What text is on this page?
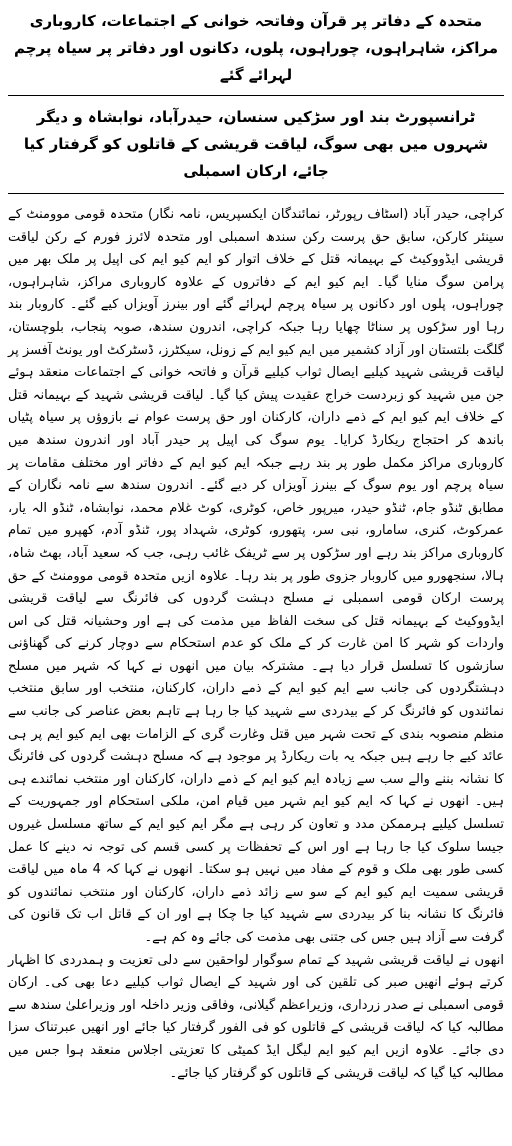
متحدہ کے دفاتر پر قرآن وفاتحہ خوانی کے اجتماعات، کاروباری مراکز، شاہراہوں، چوراہوں، پلوں، دکانوں اور دفاتر پر سیاہ پرچم لہرائے گئے
ٹرانسپورٹ بند اور سڑکیں سنسان، حیدرآباد، نوابشاہ و دیگر شہروں میں بھی سوگ، لیاقت قریشی کے قاتلوں کو گرفتار کیا جائے، ارکان اسمبلی

کراچی، حیدر آباد (اسٹاف رپورٹر، نمائندگان ایکسپریس، نامہ نگار) متحدہ قومی موومنٹ کے سینئر کارکن، سابق حق پرست رکن سندھ اسمبلی اور متحدہ لائرز فورم کے رکن لیاقت قریشی ایڈووکیٹ کے بہیمانہ قتل کے خلاف اتوار کو ایم کیو ایم کی اپیل پر ملک بھر میں پرامن سوگ منایا گیا۔ ایم کیو ایم کے دفاتروں کے علاوہ کاروباری مراکز، شاہراہوں، چوراہوں، پلوں اور دکانوں پر سیاہ پرچم لہرائے گئے اور بینرز آویزاں کیے گئے۔ کاروبار بند رہا اور سڑکوں پر سناٹا چھایا رہا جبکہ کراچی، اندرون سندھ، صوبہ پنجاب، بلوچستان، گلگت بلتستان اور آزاد کشمیر میں ایم کیو ایم کے زونل، سیکٹرز، ڈسٹرکٹ اور یونٹ آفسز پر لیاقت قریشی شہید کیلیے ایصال ثواب کیلیے قرآن و فاتحہ خوانی کے اجتماعات منعقد ہوئے جن میں شہید کو زبردست خراج عقیدت پیش کیا گیا۔ لیاقت قریشی شہید کے بہیمانہ قتل کے خلاف ایم کیو ایم کے ذمے داران، کارکنان اور حق پرست عوام نے بازوؤں پر سیاہ پٹیاں باندھ کر احتجاج ریکارڈ کرایا۔ یوم سوگ کی اپیل پر حیدر آباد اور اندرون سندھ میں کاروباری مراکز مکمل طور پر بند رہے جبکہ ایم کیو ایم کے دفاتر اور مختلف مقامات پر سیاہ پرچم اور یوم سوگ کے بینرز آویزاں کر دیے گئے۔ اندرون سندھ سے نامہ نگاران کے مطابق ٹنڈو جام، ٹنڈو حیدر، میرپور خاص، کوٹری، کوٹ غلام محمد، نوابشاہ، ٹنڈو الہ یار، عمرکوٹ، کنری، سامارو، نبی سر، پتھورو، کوٹری، شہداد پور، ٹنڈو آدم، کھپرو میں تمام کاروباری مراکز بند رہے اور سڑکوں پر سے ٹریفک غائب رہی، جب کہ سعید آباد، بھٹ شاہ، ہالا، سنجھورو میں کاروبار جزوی طور پر بند رہا۔ علاوہ ازیں متحدہ قومی موومنٹ کے حق پرست ارکان قومی اسمبلی نے مسلح دہشت گردوں کی فائرنگ سے لیاقت قریشی ایڈووکیٹ کے بہیمانہ قتل کی سخت الفاظ میں مذمت کی ہے اور وحشیانہ قتل کی اس واردات کو شہر کا امن غارت کر کے ملک کو عدم استحکام سے دوچار کرنے کی گھناؤنی سازشوں کا تسلسل قرار دیا ہے۔ مشترکہ بیان میں انھوں نے کہا کہ شہر میں مسلح دہشتگردوں کی جانب سے ایم کیو ایم کے ذمے داران، کارکنان، منتخب اور سابق منتخب نمائندوں کو فائرنگ کر کے بیدردی سے شہید کیا جا رہا ہے تاہم بعض عناصر کی جانب سے منظم منصوبہ بندی کے تحت شہر میں قتل وغارت گری کے الزامات بھی ایم کیو ایم پر ہی عائد کیے جا رہے ہیں جبکہ یہ بات ریکارڈ پر موجود ہے کہ مسلح دہشت گردوں کی فائرنگ کا نشانہ بننے والے سب سے زیادہ ایم کیو ایم کے ذمے داران، کارکنان اور منتخب نمائندے ہی ہیں۔ انھوں نے کہا کہ ایم کیو ایم شہر میں قیام امن، ملکی استحکام اور جمہوریت کے تسلسل کیلیے ہرممکن مدد و تعاون کر رہی ہے مگر ایم کیو ایم کے ساتھ مسلسل غیروں جیسا سلوک کیا جا رہا ہے اور اس کے تحفظات پر کسی قسم کی توجہ نہ دینے کا عمل کسی طور بھی ملک و قوم کے مفاد میں نہیں ہو سکتا۔ انھوں نے کہا کہ 4 ماہ میں لیاقت قریشی سمیت ایم کیو ایم کے سو سے زائد ذمے داران، کارکنان اور منتخب نمائندوں کو فائرنگ کا نشانہ بنا کر بیدردی سے شہید کیا جا چکا ہے اور ان کے قاتل اب تک قانون کی گرفت سے آزاد ہیں جس کی جتنی بھی مذمت کی جائے وہ کم ہے۔

انھوں نے لیاقت قریشی شہید کے تمام سوگوار لواحقین سے دلی تعزیت و ہمدردی کا اظہار کرتے ہوئے انھیں صبر کی تلقین کی اور شہید کے ایصال ثواب کیلیے دعا بھی کی۔ ارکان قومی اسمبلی نے صدر زرداری، وزیراعظم گیلانی، وفاقی وزیر داخلہ اور وزیراعلیٰ سندھ سے مطالبہ کیا کہ لیاقت قریشی کے قاتلوں کو فی الفور گرفتار کیا جائے اور انھیں عبرتناک سزا دی جائے۔ علاوہ ازیں ایم کیو ایم لیگل ایڈ کمیٹی کا تعزیتی اجلاس منعقد ہوا جس میں مطالبہ کیا گیا کہ لیاقت قریشی کے قاتلوں کو گرفتار کیا جائے۔
